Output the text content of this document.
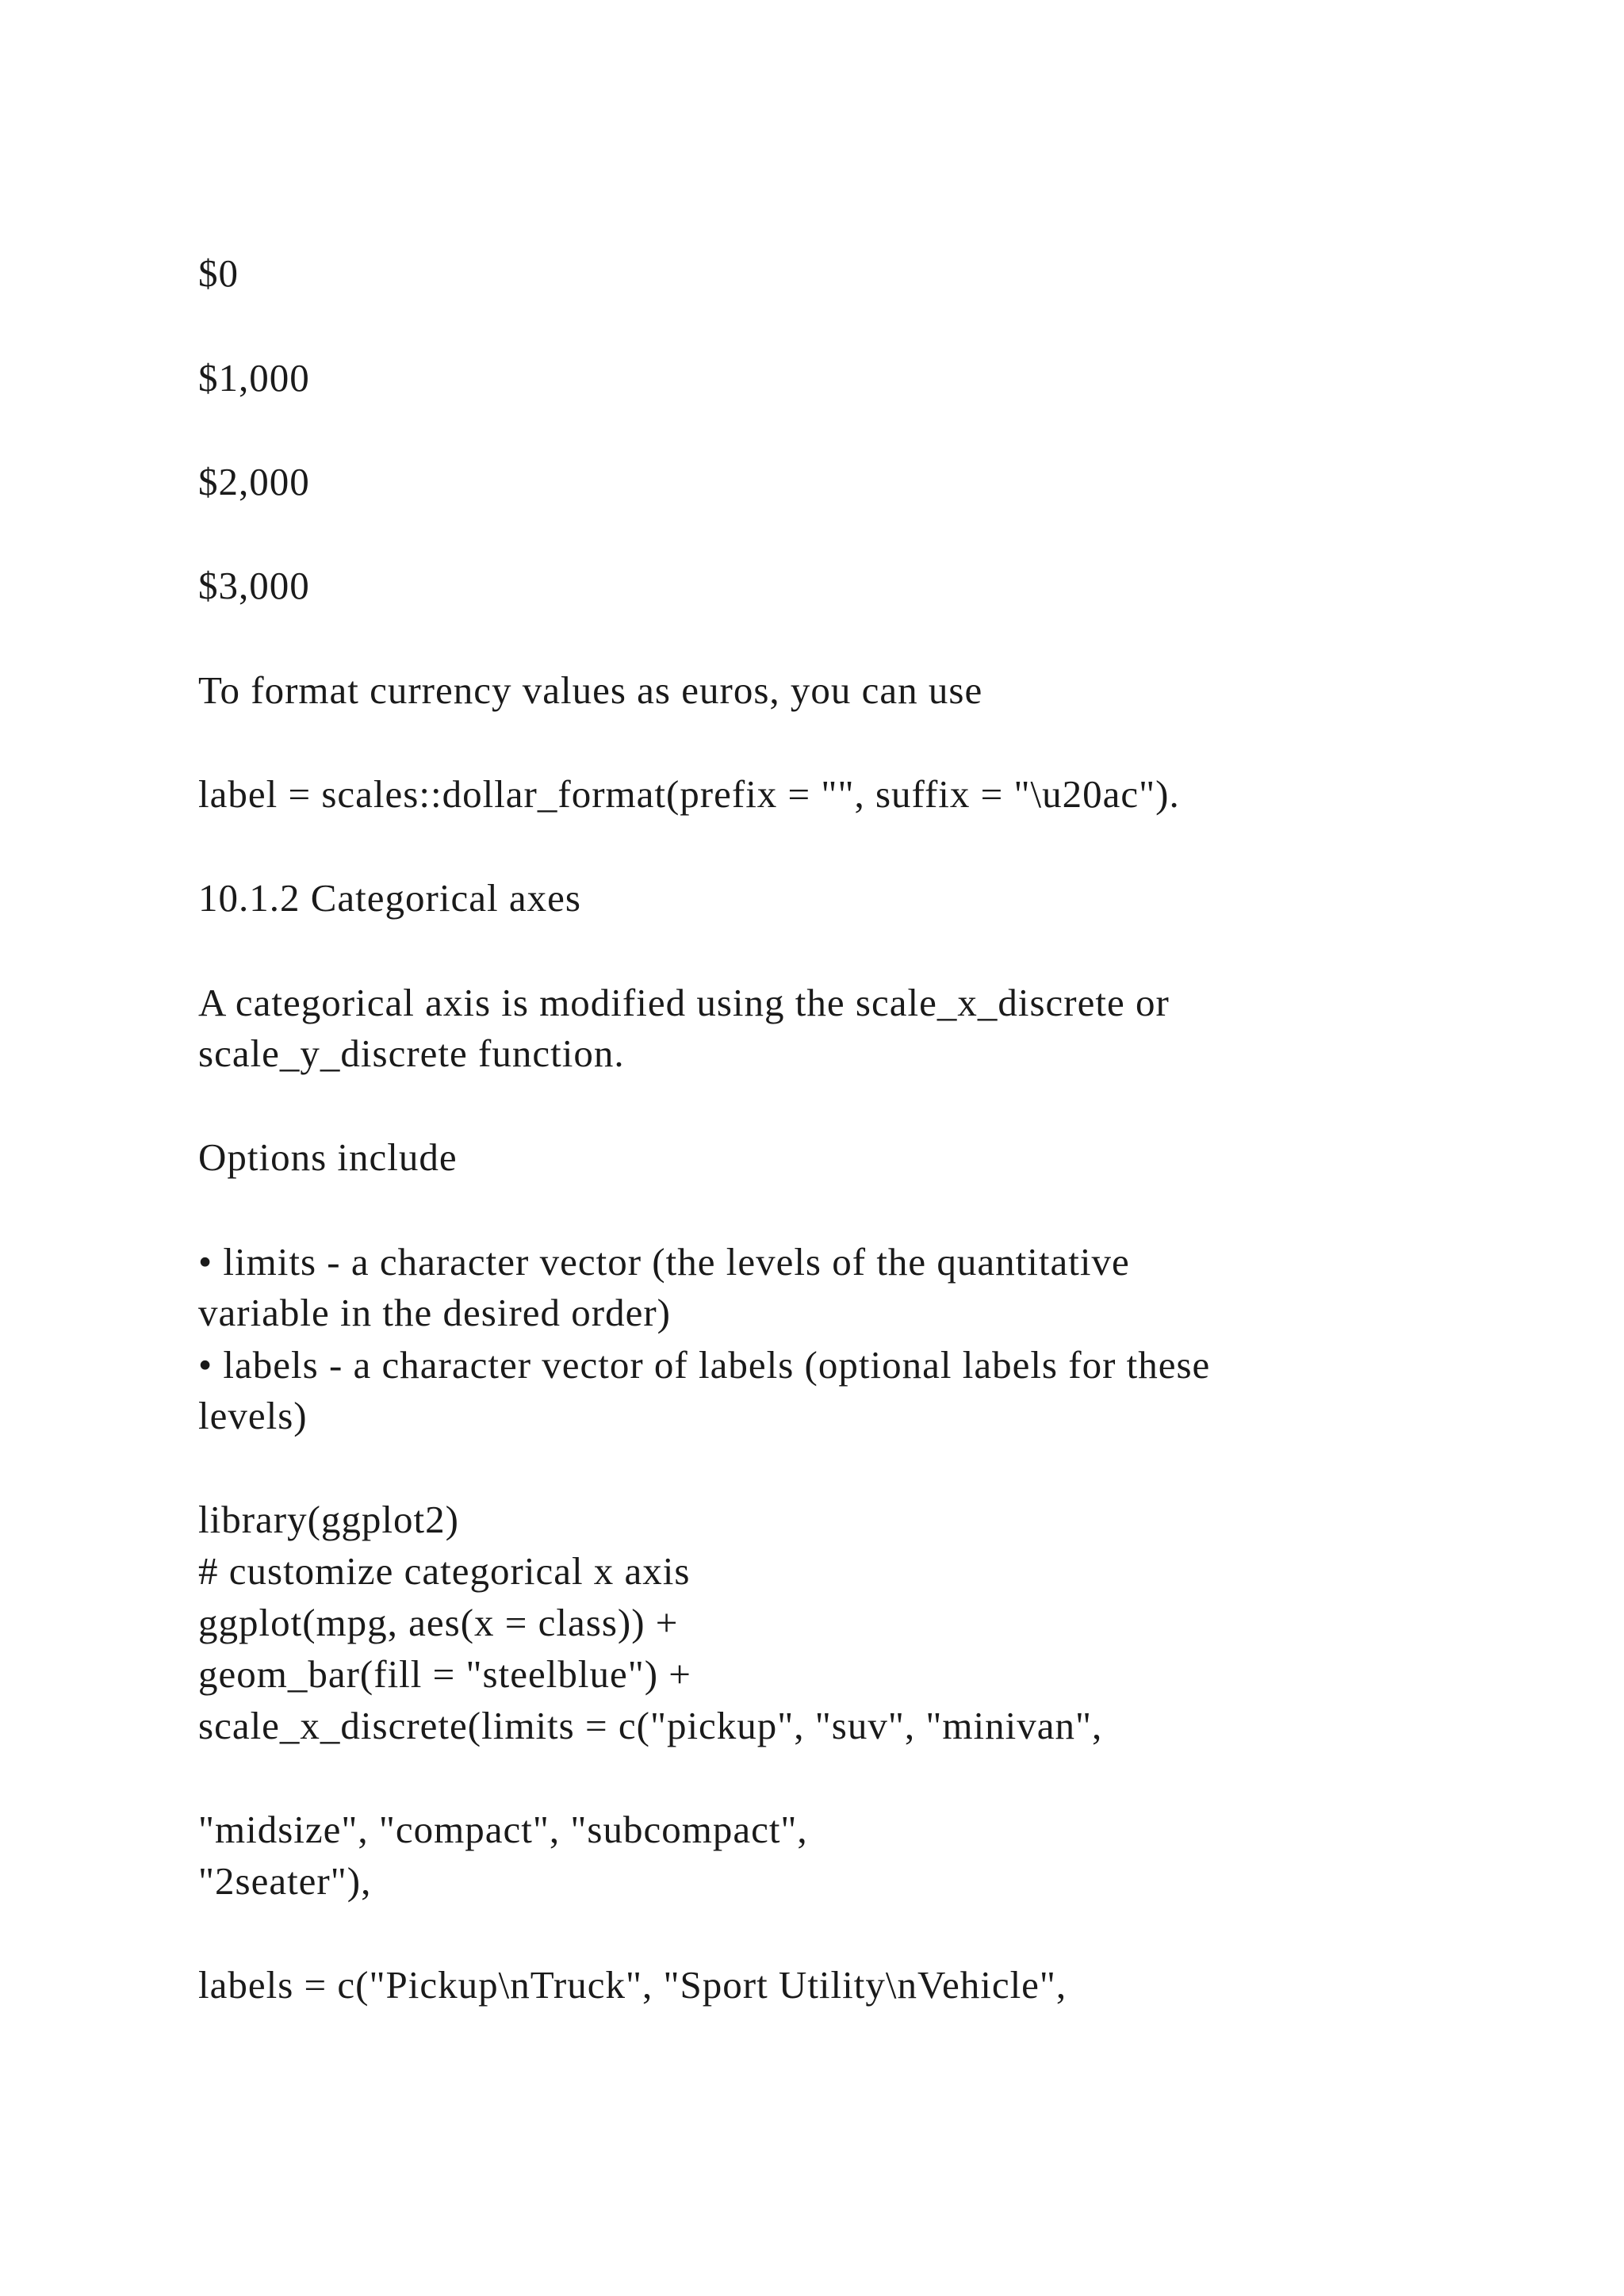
$0

$1,000

$2,000

$3,000

To format currency values as euros, you can use

label = scales::dollar_format(prefix = "", suffix = "\u20ac").

10.1.2 Categorical axes

A categorical axis is modified using the scale_x_discrete or

scale_y_discrete function.

Options include

• limits - a character vector (the levels of the quantitative

variable in the desired order)

• labels - a character vector of labels (optional labels for these

levels)

library(ggplot2)

# customize categorical x axis

ggplot(mpg, aes(x = class)) +

geom_bar(fill = "steelblue") +

scale_x_discrete(limits = c("pickup", "suv", "minivan",

"midsize", "compact", "subcompact",

"2seater"),

labels = c("Pickup\nTruck", "Sport Utility\nVehicle",
